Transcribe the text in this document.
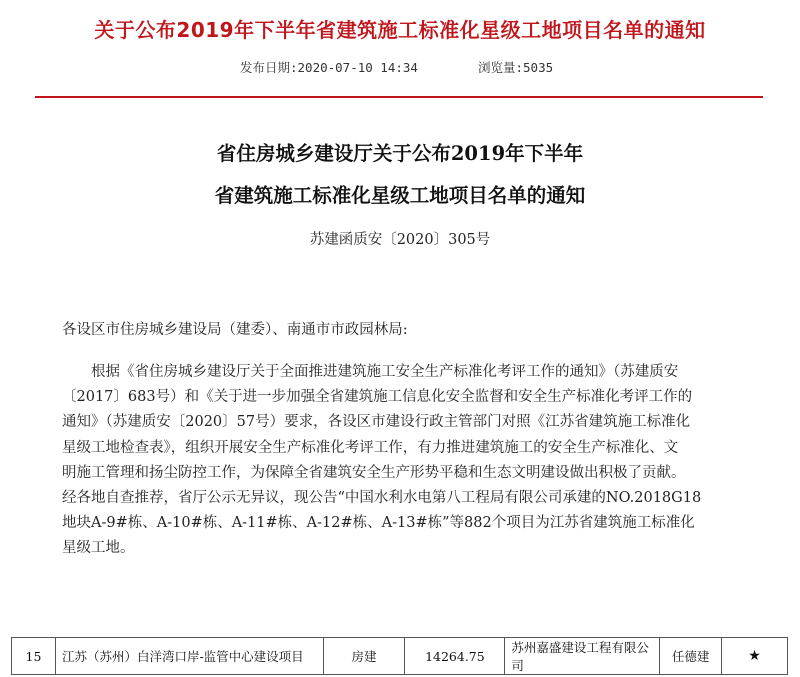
关于公布2019年下半年省建筑施工标准化星级工地项目名单的通知
发布日期:2020-07-10 14:34	浏览量:5035
省住房城乡建设厅关于公布2019年下半年
省建筑施工标准化星级工地项目名单的通知
苏建函质安〔2020〕305号
各设区市住房城乡建设局（建委）、南通市市政园林局:
根据《省住房城乡建设厅关于全面推进建筑施工安全生产标准化考评工作的通知》（苏建质安
〔2017〕683号）和《关于进一步加强全省建筑施工信息化安全监督和安全生产标准化考评工作的
通知》（苏建质安〔2020〕57号）要求，各设区市建设行政主管部门对照《江苏省建筑施工标准化
星级工地检查表》，组织开展安全生产标准化考评工作，有力推进建筑施工的安全生产标准化、文
明施工管理和扬尘防控工作，为保障全省建筑安全生产形势平稳和生态文明建设做出积极了贡献。
经各地自查推荐，省厅公示无异议，现公告“中国水利水电第八工程局有限公司承建的NO.2018G18
地块A-9#栋、A-10#栋、A-11#栋、A-12#栋、A-13#栋”等882个项目为江苏省建筑施工标准化
星级工地。
15	江苏（苏州）白洋湾口岸-监管中心建设项目	房建	14264.75	苏州嘉盛建设工程有限公司	任德建	★
